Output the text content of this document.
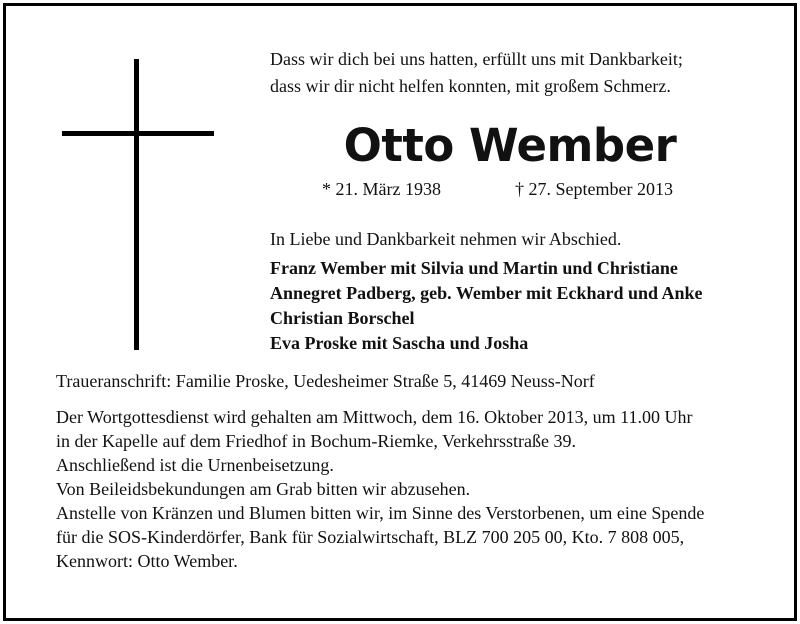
Dass wir dich bei uns hatten, erfüllt uns mit Dankbarkeit;
dass wir dir nicht helfen konnten, mit großem Schmerz.
Otto Wember
* 21. März 1938	† 27. September 2013
In Liebe und Dankbarkeit nehmen wir Abschied.
Franz Wember mit Silvia und Martin und Christiane
Annegret Padberg, geb. Wember mit Eckhard und Anke
Christian Borschel
Eva Proske mit Sascha und Josha
Traueranschrift: Familie Proske, Uedesheimer Straße 5, 41469 Neuss-Norf
Der Wortgottesdienst wird gehalten am Mittwoch, dem 16. Oktober 2013, um 11.00 Uhr
in der Kapelle auf dem Friedhof in Bochum-Riemke, Verkehrsstraße 39.
Anschließend ist die Urnenbeisetzung.
Von Beileidsbekundungen am Grab bitten wir abzusehen.
Anstelle von Kränzen und Blumen bitten wir, im Sinne des Verstorbenen, um eine Spende
für die SOS-Kinderdörfer, Bank für Sozialwirtschaft, BLZ 700 205 00, Kto. 7 808 005,
Kennwort: Otto Wember.
